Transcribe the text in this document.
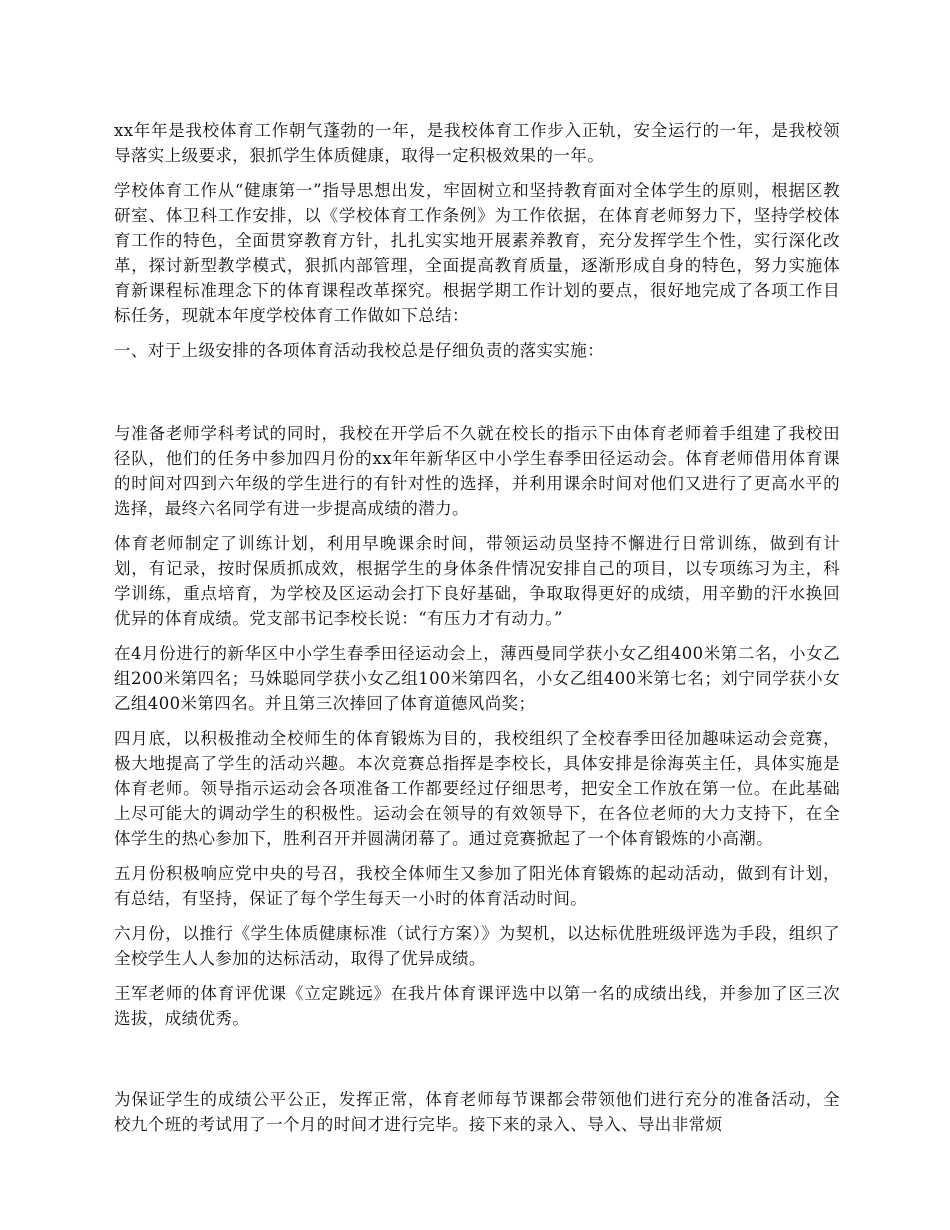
xx年年是我校体育工作朝气蓬勃的一年，是我校体育工作步入正轨，安全运行的一年，是我校领导落实上级要求，狠抓学生体质健康，取得一定积极效果的一年。

学校体育工作从“健康第一”指导思想出发，牢固树立和坚持教育面对全体学生的原则，根据区教研室、体卫科工作安排，以《学校体育工作条例》为工作依据，在体育老师努力下，坚持学校体育工作的特色，全面贯穿教育方针，扎扎实实地开展素养教育，充分发挥学生个性，实行深化改革，探讨新型教学模式，狠抓内部管理，全面提高教育质量，逐渐形成自身的特色，努力实施体育新课程标准理念下的体育课程改革探究。根据学期工作计划的要点，很好地完成了各项工作目标任务，现就本年度学校体育工作做如下总结：

一、对于上级安排的各项体育活动我校总是仔细负责的落实实施：

与准备老师学科考试的同时，我校在开学后不久就在校长的指示下由体育老师着手组建了我校田径队，他们的任务中参加四月份的xx年年新华区中小学生春季田径运动会。体育老师借用体育课的时间对四到六年级的学生进行的有针对性的选择，并利用课余时间对他们又进行了更高水平的选择，最终六名同学有进一步提高成绩的潜力。

体育老师制定了训练计划，利用早晚课余时间，带领运动员坚持不懈进行日常训练，做到有计划，有记录，按时保质抓成效，根据学生的身体条件情况安排自己的项目，以专项练习为主，科学训练，重点培育，为学校及区运动会打下良好基础，争取取得更好的成绩，用辛勤的汗水换回优异的体育成绩。党支部书记李校长说：“有压力才有动力。”

在4月份进行的新华区中小学生春季田径运动会上，薄西曼同学获小女乙组400米第二名，小女乙组200米第四名；马姝聪同学获小女乙组100米第四名，小女乙组400米第七名；刘宁同学获小女乙组400米第四名。并且第三次捧回了体育道德风尚奖；

四月底，以积极推动全校师生的体育锻炼为目的，我校组织了全校春季田径加趣味运动会竞赛，极大地提高了学生的活动兴趣。本次竞赛总指挥是李校长，具体安排是徐海英主任，具体实施是体育老师。领导指示运动会各项准备工作都要经过仔细思考，把安全工作放在第一位。在此基础上尽可能大的调动学生的积极性。运动会在领导的有效领导下，在各位老师的大力支持下，在全体学生的热心参加下，胜利召开并圆满闭幕了。通过竞赛掀起了一个体育锻炼的小高潮。

五月份积极响应党中央的号召，我校全体师生又参加了阳光体育锻炼的起动活动，做到有计划，有总结，有坚持，保证了每个学生每天一小时的体育活动时间。

六月份，以推行《学生体质健康标准（试行方案）》为契机，以达标优胜班级评选为手段，组织了全校学生人人参加的达标活动，取得了优异成绩。

王军老师的体育评优课《立定跳远》在我片体育课评选中以第一名的成绩出线，并参加了区三次选拔，成绩优秀。

为保证学生的成绩公平公正，发挥正常，体育老师每节课都会带领他们进行充分的准备活动，全校九个班的考试用了一个月的时间才进行完毕。接下来的录入、导入、导出非常烦
